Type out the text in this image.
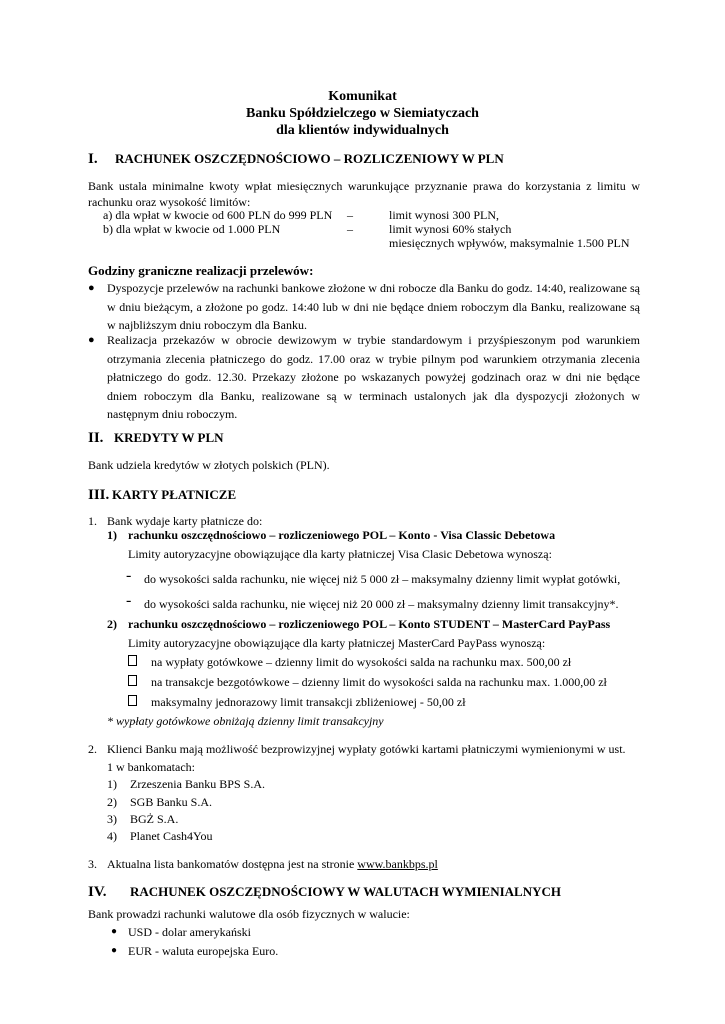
Komunikat
Banku Spółdzielczego w Siemiatyczach
dla klientów indywidualnych
I. RACHUNEK OSZCZĘDNOŚCIOWO – ROZLICZENIOWY W PLN
Bank ustala minimalne kwoty wpłat miesięcznych warunkujące przyznanie prawa do korzystania z limitu w rachunku oraz wysokość limitów:
a) dla wpłat w kwocie od 600 PLN do 999 PLN –	limit wynosi 300 PLN,
b) dla wpłat w kwocie od 1.000 PLN	–	limit wynosi 60% stałych
miesięcznych wpływów, maksymalnie 1.500 PLN
Godziny graniczne realizacji przelewów:
● Dyspozycje przelewów na rachunki bankowe złożone w dni robocze dla Banku do godz. 14:40, realizowane są w dniu bieżącym, a złożone po godz. 14:40 lub w dni nie będące dniem roboczym dla Banku, realizowane są w najbliższym dniu roboczym dla Banku.
● Realizacja przekazów w obrocie dewizowym w trybie standardowym i przyśpieszonym pod warunkiem otrzymania zlecenia płatniczego do godz. 17.00 oraz w trybie pilnym pod warunkiem otrzymania zlecenia płatniczego do godz. 12.30. Przekazy złożone po wskazanych powyżej godzinach oraz w dni nie będące dniem roboczym dla Banku, realizowane są w terminach ustalonych jak dla dyspozycji złożonych w następnym dniu roboczym.
II. KREDYTY W PLN
Bank udziela kredytów w złotych polskich (PLN).
III. KARTY PŁATNICZE
1. Bank wydaje karty płatnicze do:
1) rachunku oszczędnościowo – rozliczeniowego POL – Konto - Visa Classic Debetowa
Limity autoryzacyjne obowiązujące dla karty płatniczej Visa Clasic Debetowa wynoszą:
- do wysokości salda rachunku, nie więcej niż 5 000 zł – maksymalny dzienny limit wypłat gotówki,
- do wysokości salda rachunku, nie więcej niż 20 000 zł – maksymalny dzienny limit transakcyjny*.
2) rachunku oszczędnościowo – rozliczeniowego POL – Konto STUDENT – MasterCard PayPass
Limity autoryzacyjne obowiązujące dla karty płatniczej MasterCard PayPass wynoszą:
na wypłaty gotówkowe – dzienny limit do wysokości salda na rachunku max. 500,00 zł
na transakcje bezgotówkowe – dzienny limit do wysokości salda na rachunku max. 1.000,00 zł
maksymalny jednorazowy limit transakcji zbliżeniowej - 50,00 zł
* wypłaty gotówkowe obniżają dzienny limit transakcyjny
2. Klienci Banku mają możliwość bezprowizyjnej wypłaty gotówki kartami płatniczymi wymienionymi w ust.
1 w bankomatach:
1) Zrzeszenia Banku BPS S.A.
2) SGB Banku S.A.
3) BGŻ S.A.
4) Planet Cash4You
3. Aktualna lista bankomatów dostępna jest na stronie www.bankbps.pl
IV. RACHUNEK OSZCZĘDNOŚCIOWY W WALUTACH WYMIENIALNYCH
Bank prowadzi rachunki walutowe dla osób fizycznych w walucie:
● USD - dolar amerykański
● EUR - waluta europejska Euro.
